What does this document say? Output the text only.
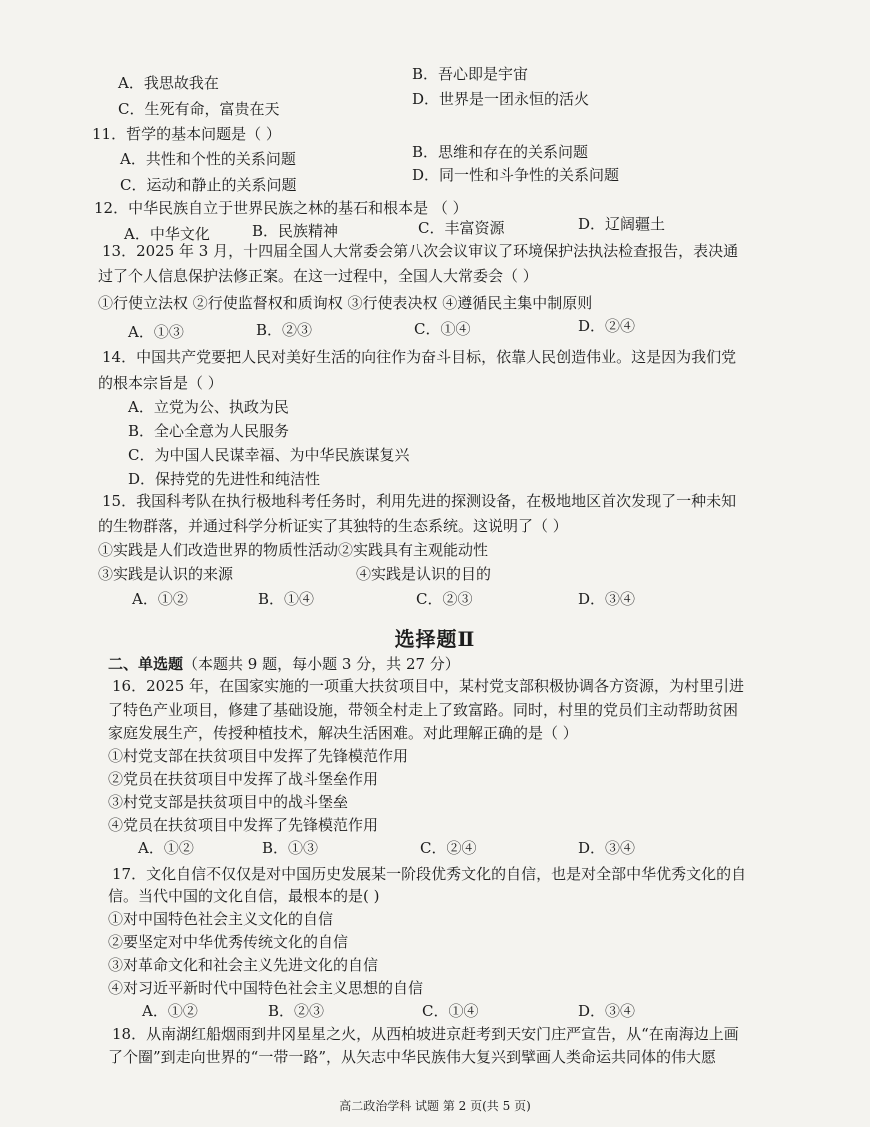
A．我思故我在	B．吾心即是宇宙
C．生死有命，富贵在天
D．世界是一团永恒的活火
11．哲学的基本问题是（ ）
A．共性和个性的关系问题	B．思维和存在的关系问题
C．运动和静止的关系问题
D．同一性和斗争性的关系问题
12．中华民族自立于世界民族之林的基石和根本是 （ ）
A．中华文化	B．民族精神	C．丰富资源	D．辽阔疆土
13．2025 年 3 月，十四届全国人大常委会第八次会议审议了环境保护法执法检查报告，表决通
过了个人信息保护法修正案。在这一过程中，全国人大常委会（ ）
①行使立法权 ②行使监督权和质询权 ③行使表决权 ④遵循民主集中制原则
A．①③	B．②③	C．①④	D．②④
14．中国共产党要把人民对美好生活的向往作为奋斗目标，依靠人民创造伟业。这是因为我们党
的根本宗旨是（ ）
A．立党为公、执政为民
B．全心全意为人民服务
C．为中国人民谋幸福、为中华民族谋复兴
D．保持党的先进性和纯洁性
15．我国科考队在执行极地科考任务时，利用先进的探测设备，在极地地区首次发现了一种未知
的生物群落，并通过科学分析证实了其独特的生态系统。这说明了（ ）
①实践是人们改造世界的物质性活动②实践具有主观能动性
③实践是认识的来源	④实践是认识的目的
A．①②	B．①④	C．②③	D．③④
选择题Ⅱ
二、单选题（本题共 9 题，每小题 3 分，共 27 分）
16．2025 年，在国家实施的一项重大扶贫项目中，某村党支部积极协调各方资源，为村里引进
了特色产业项目，修建了基础设施，带领全村走上了致富路。同时，村里的党员们主动帮助贫困
家庭发展生产，传授种植技术，解决生活困难。对此理解正确的是（ ）
①村党支部在扶贫项目中发挥了先锋模范作用
②党员在扶贫项目中发挥了战斗堡垒作用
③村党支部是扶贫项目中的战斗堡垒
④党员在扶贫项目中发挥了先锋模范作用
A．①②	B．①③	C．②④	D．③④
17．文化自信不仅仅是对中国历史发展某一阶段优秀文化的自信，也是对全部中华优秀文化的自
信。当代中国的文化自信，最根本的是( )
①对中国特色社会主义文化的自信
②要坚定对中华优秀传统文化的自信
③对革命文化和社会主义先进文化的自信
④对习近平新时代中国特色社会主义思想的自信
A．①②	B．②③	C．①④	D．③④
18．从南湖红船烟雨到井冈星星之火，从西柏坡进京赶考到天安门庄严宣告，从“在南海边上画
了个圈”到走向世界的“一带一路”，从矢志中华民族伟大复兴到擘画人类命运共同体的伟大愿
高二政治学科 试题 第 2 页(共 5 页)
